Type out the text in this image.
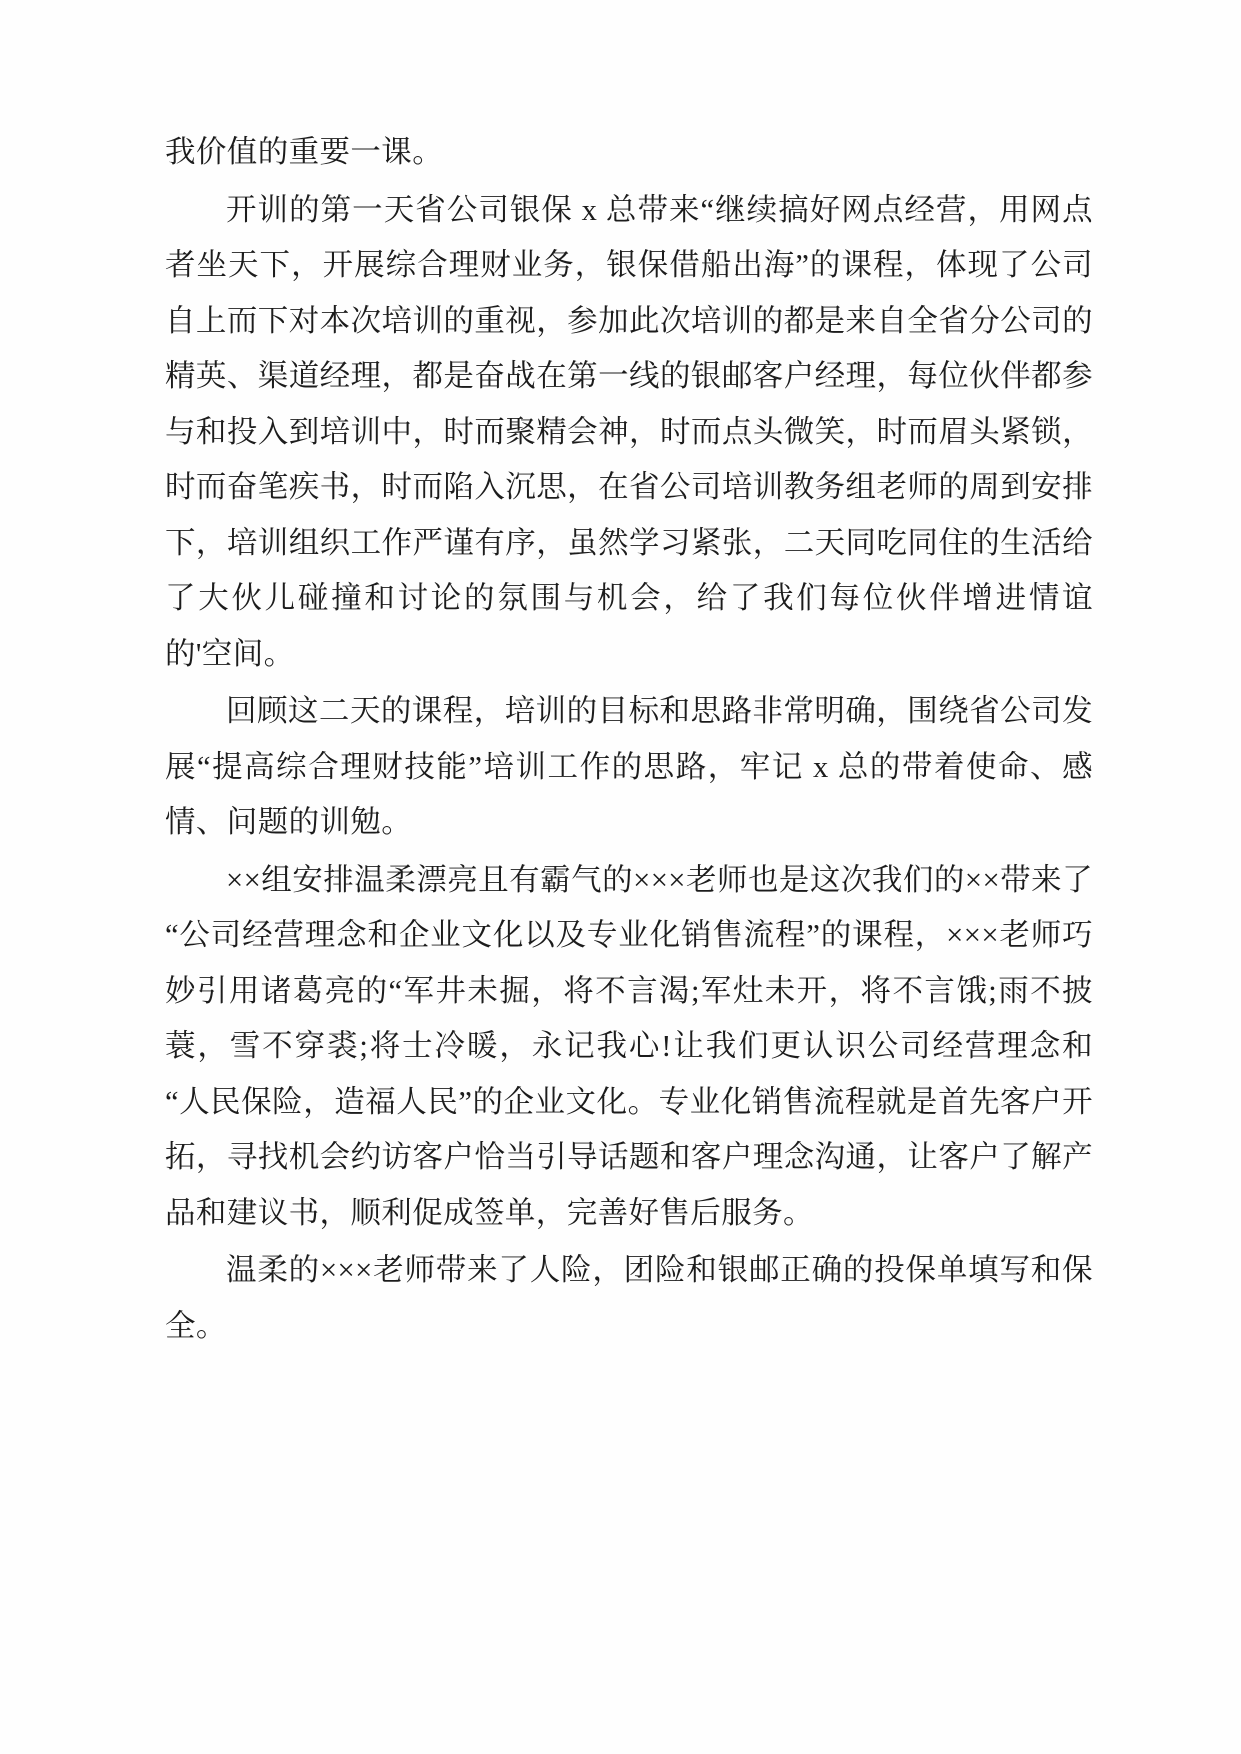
我价值的重要一课。

开训的第一天省公司银保 x 总带来“继续搞好网点经营，用网点者坐天下，开展综合理财业务，银保借船出海”的课程，体现了公司自上而下对本次培训的重视，参加此次培训的都是来自全省分公司的精英、渠道经理，都是奋战在第一线的银邮客户经理，每位伙伴都参与和投入到培训中，时而聚精会神，时而点头微笑，时而眉头紧锁，时而奋笔疾书，时而陷入沉思，在省公司培训教务组老师的周到安排下，培训组织工作严谨有序，虽然学习紧张，二天同吃同住的生活给了大伙儿碰撞和讨论的氛围与机会，给了我们每位伙伴增进情谊的'空间。

回顾这二天的课程，培训的目标和思路非常明确，围绕省公司发展“提高综合理财技能”培训工作的思路，牢记 x 总的带着使命、感情、问题的训勉。

××组安排温柔漂亮且有霸气的×××老师也是这次我们的××带来了“公司经营理念和企业文化以及专业化销售流程”的课程，×××老师巧妙引用诸葛亮的“军井未掘，将不言渴;军灶未开，将不言饿;雨不披蓑，雪不穿裘;将士冷暖，永记我心!让我们更认识公司经营理念和“人民保险，造福人民”的企业文化。专业化销售流程就是首先客户开拓，寻找机会约访客户恰当引导话题和客户理念沟通，让客户了解产品和建议书，顺利促成签单，完善好售后服务。

温柔的×××老师带来了人险，团险和银邮正确的投保单填写和保全。
